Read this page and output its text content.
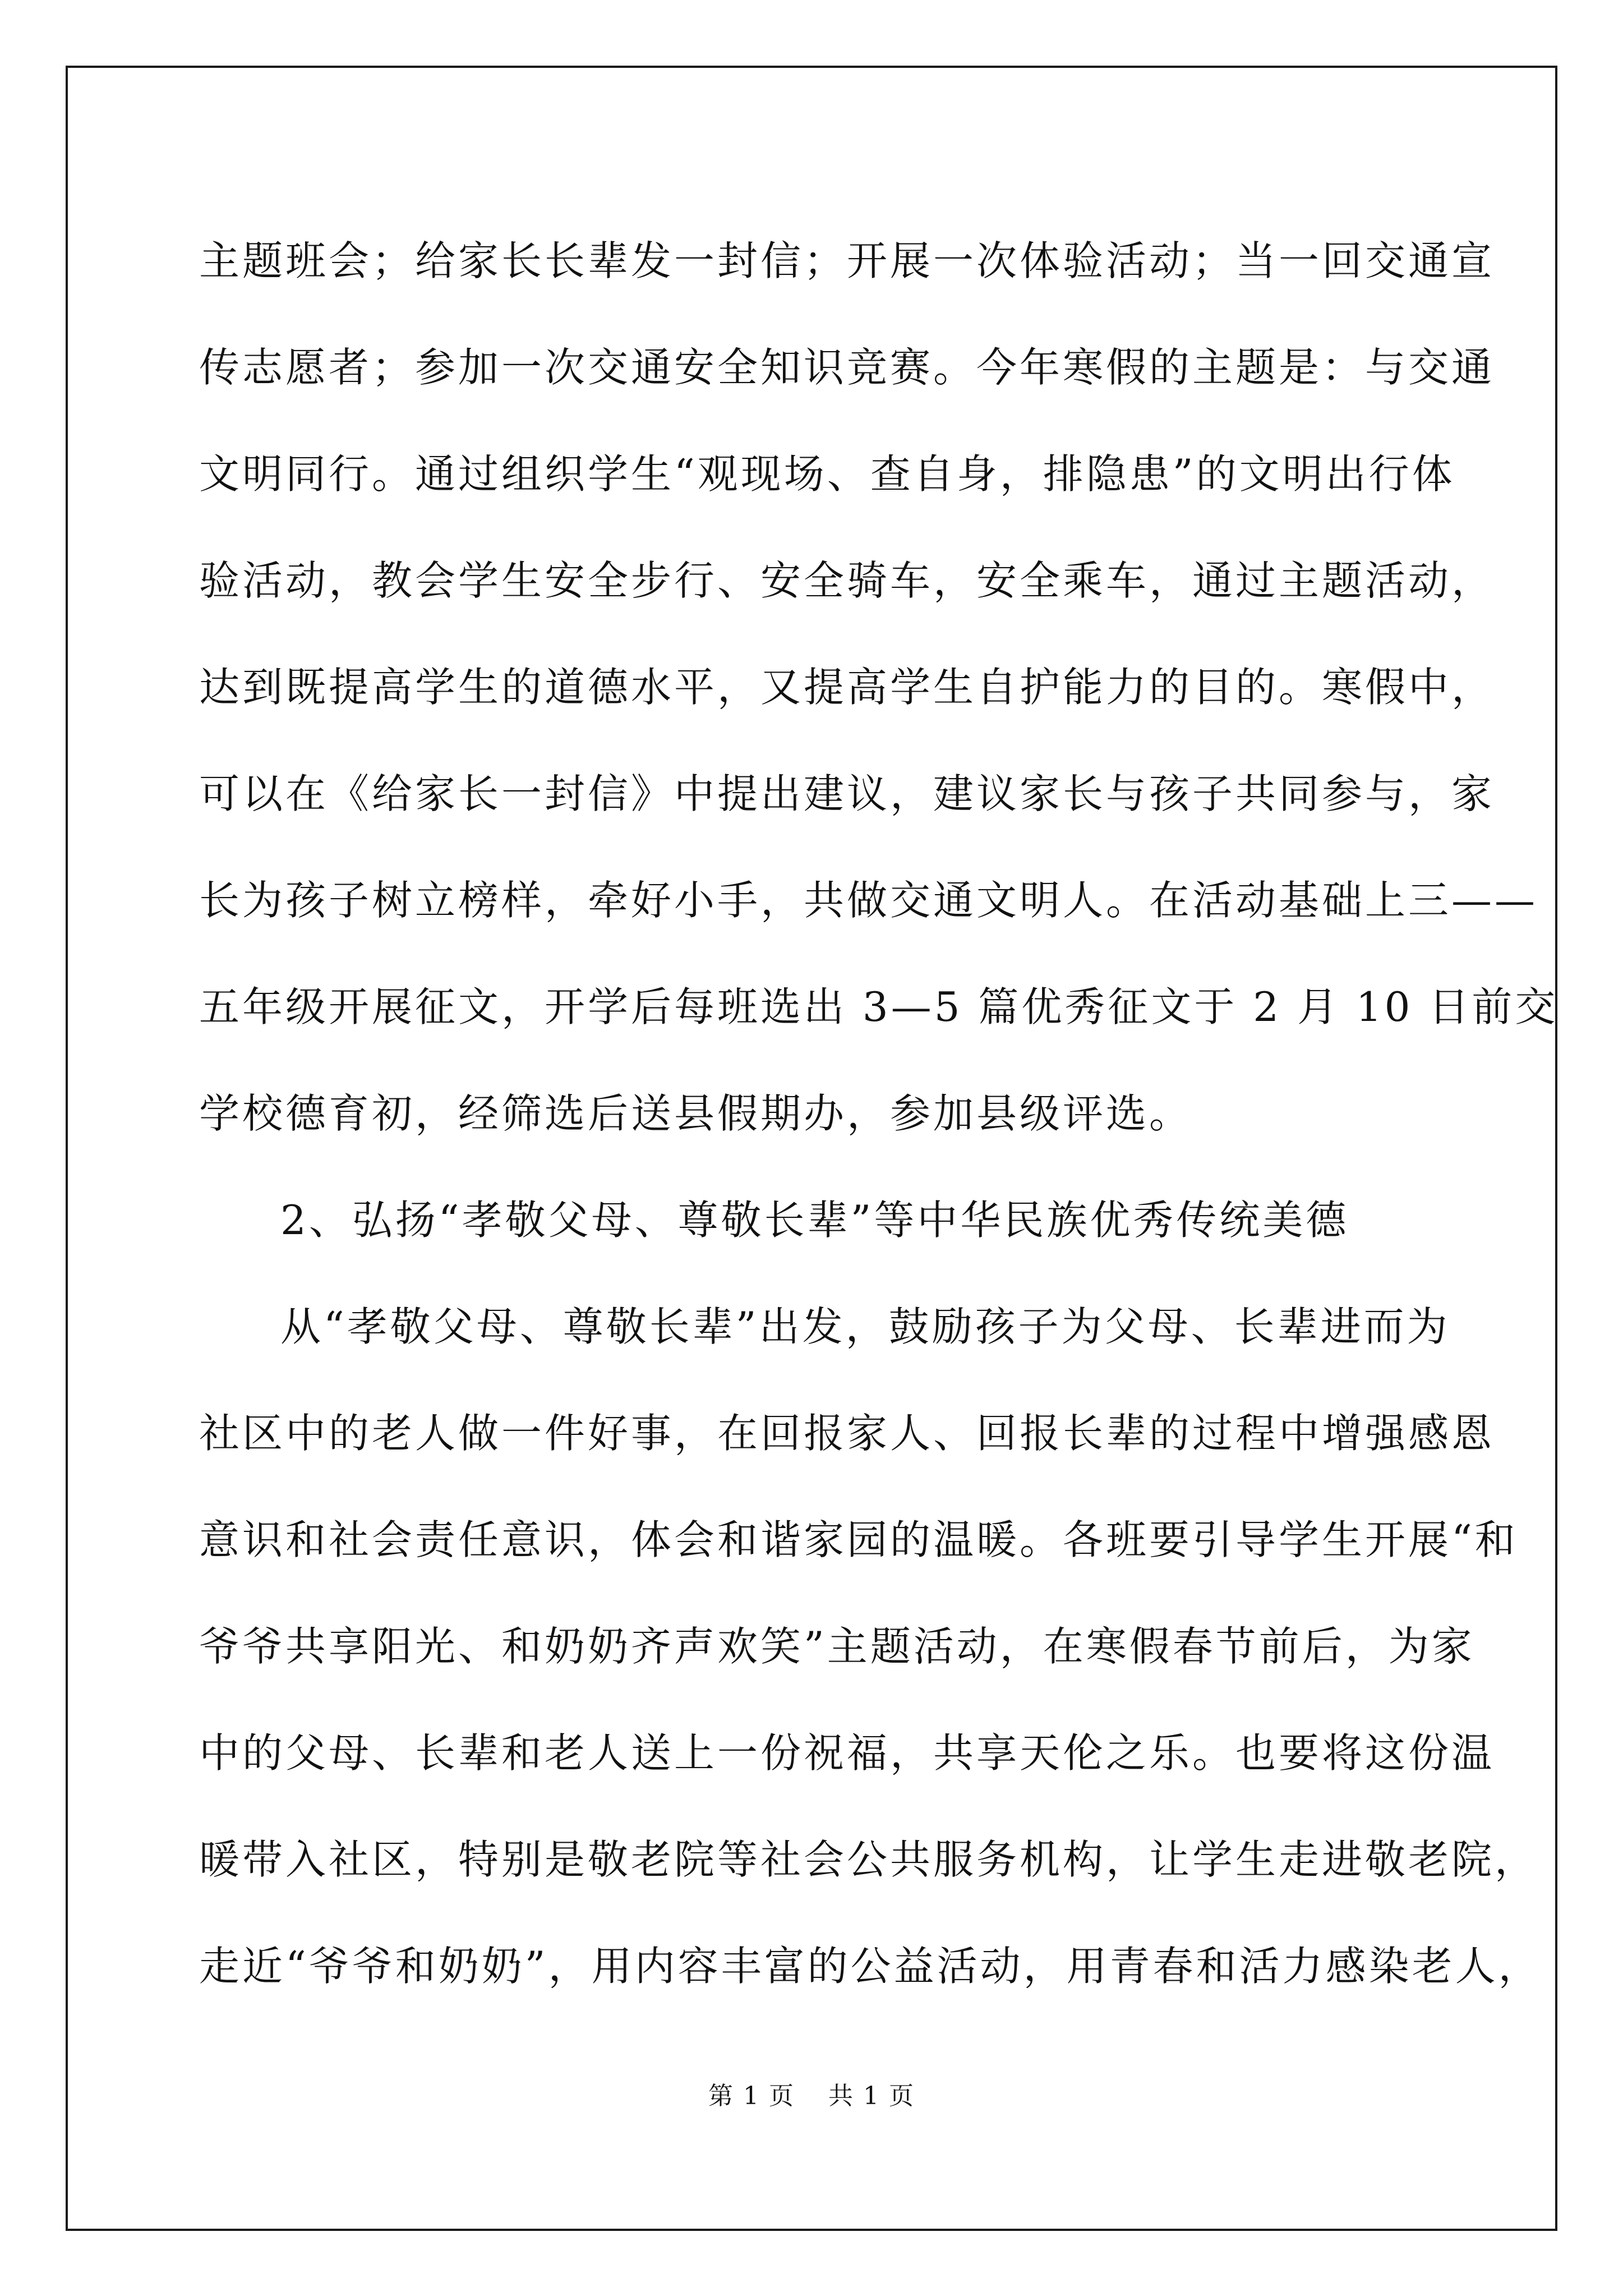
主题班会；给家长长辈发一封信；开展一次体验活动；当一回交通宣
传志愿者；参加一次交通安全知识竞赛。今年寒假的主题是：与交通
文明同行。通过组织学生“观现场、查自身，排隐患”的文明出行体
验活动，教会学生安全步行、安全骑车，安全乘车，通过主题活动，
达到既提高学生的道德水平，又提高学生自护能力的目的。寒假中，
可以在《给家长一封信》中提出建议，建议家长与孩子共同参与，家
长为孩子树立榜样，牵好小手，共做交通文明人。在活动基础上三——
五年级开展征文，开学后每班选出 3—5 篇优秀征文于 2 月 10 日前交
学校德育初，经筛选后送县假期办，参加县级评选。
2、弘扬“孝敬父母、尊敬长辈”等中华民族优秀传统美德
从“孝敬父母、尊敬长辈”出发，鼓励孩子为父母、长辈进而为
社区中的老人做一件好事，在回报家人、回报长辈的过程中增强感恩
意识和社会责任意识，体会和谐家园的温暖。各班要引导学生开展“和
爷爷共享阳光、和奶奶齐声欢笑”主题活动，在寒假春节前后，为家
中的父母、长辈和老人送上一份祝福，共享天伦之乐。也要将这份温
暖带入社区，特别是敬老院等社会公共服务机构，让学生走进敬老院，
走近“爷爷和奶奶”，用内容丰富的公益活动，用青春和活力感染老人，
第 1 页 共 1 页
